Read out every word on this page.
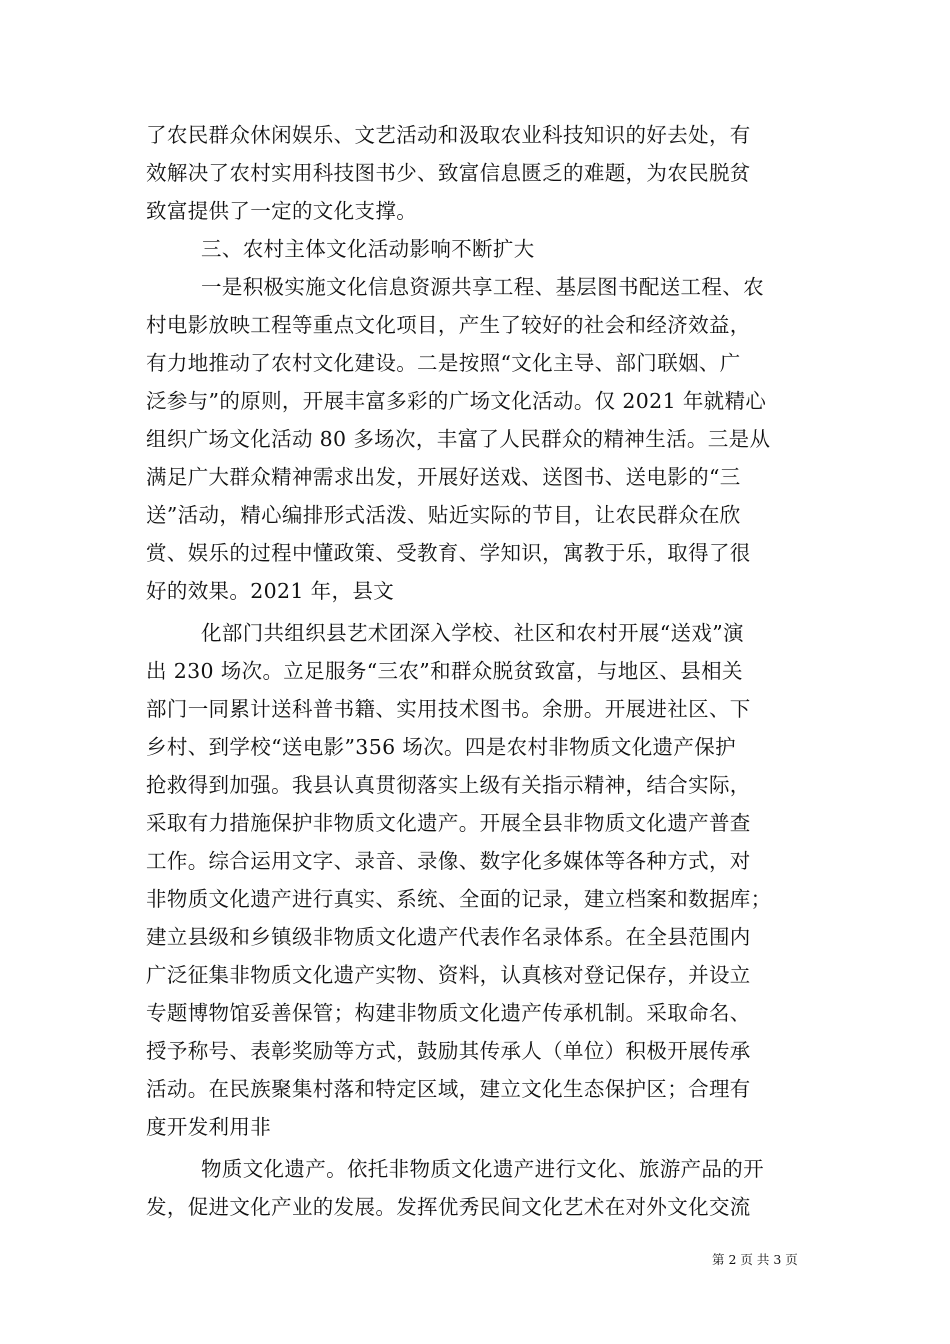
了农民群众休闲娱乐、文艺活动和汲取农业科技知识的好去处，有
效解决了农村实用科技图书少、致富信息匮乏的难题，为农民脱贫
致富提供了一定的文化支撑。
三、农村主体文化活动影响不断扩大
一是积极实施文化信息资源共享工程、基层图书配送工程、农
村电影放映工程等重点文化项目，产生了较好的社会和经济效益，
有力地推动了农村文化建设。二是按照“文化主导、部门联姻、广
泛参与”的原则，开展丰富多彩的广场文化活动。仅 2021 年就精心
组织广场文化活动 80 多场次，丰富了人民群众的精神生活。三是从
满足广大群众精神需求出发，开展好送戏、送图书、送电影的“三
送”活动，精心编排形式活泼、贴近实际的节目，让农民群众在欣
赏、娱乐的过程中懂政策、受教育、学知识，寓教于乐，取得了很
好的效果。2021 年，县文
化部门共组织县艺术团深入学校、社区和农村开展“送戏”演
出 230 场次。立足服务“三农”和群众脱贫致富，与地区、县相关
部门一同累计送科普书籍、实用技术图书。余册。开展进社区、下
乡村、到学校“送电影”356 场次。四是农村非物质文化遗产保护
抢救得到加强。我县认真贯彻落实上级有关指示精神，结合实际，
采取有力措施保护非物质文化遗产。开展全县非物质文化遗产普查
工作。综合运用文字、录音、录像、数字化多媒体等各种方式，对
非物质文化遗产进行真实、系统、全面的记录，建立档案和数据库；
建立县级和乡镇级非物质文化遗产代表作名录体系。在全县范围内
广泛征集非物质文化遗产实物、资料，认真核对登记保存，并设立
专题博物馆妥善保管；构建非物质文化遗产传承机制。采取命名、
授予称号、表彰奖励等方式，鼓励其传承人（单位）积极开展传承
活动。在民族聚集村落和特定区域，建立文化生态保护区；合理有
度开发利用非
物质文化遗产。依托非物质文化遗产进行文化、旅游产品的开
发，促进文化产业的发展。发挥优秀民间文化艺术在对外文化交流
第 2 页 共 3 页
